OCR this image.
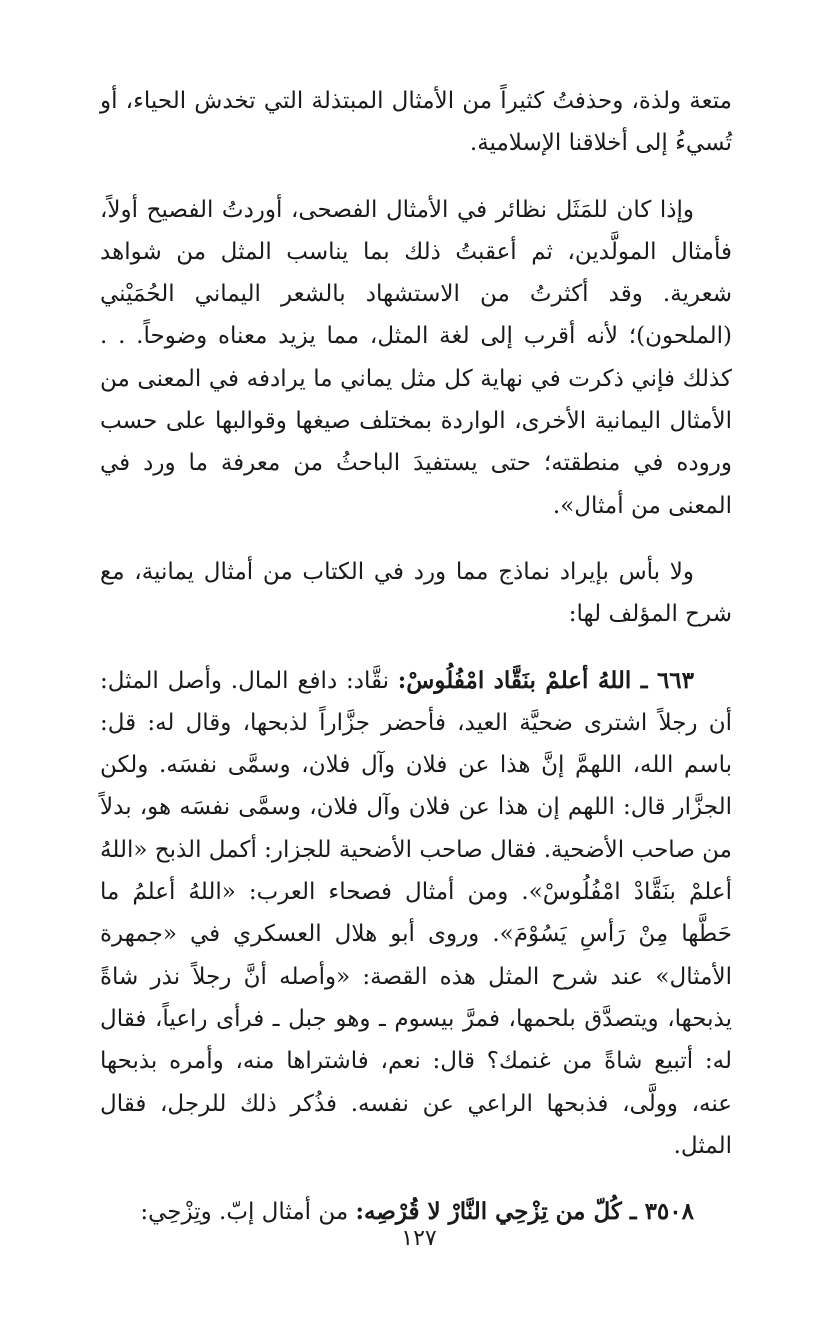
متعة ولذة، وحذفتُ كثيراً من الأمثال المبتذلة التي تخدش الحياء، أو تُسيءُ إلى أخلاقنا الإسلامية.

وإذا كان للمَثَل نظائر في الأمثال الفصحى، أوردتُ الفصيح أولاً، فأمثال المولَّدين، ثم أعقبتُ ذلك بما يناسب المثل من شواهد شعرية. وقد أكثرتُ من الاستشهاد بالشعر اليماني الحُمَيْني (الملحون)؛ لأنه أقرب إلى لغة المثل، مما يزيد معناه وضوحاً. . . كذلك فإني ذكرت في نهاية كل مثل يماني ما يرادفه في المعنى من الأمثال اليمانية الأخرى، الواردة بمختلف صيغها وقوالبها على حسب وروده في منطقته؛ حتى يستفيدَ الباحثُ من معرفة ما ورد في المعنى من أمثال».

ولا بأس بإيراد نماذج مما ورد في الكتاب من أمثال يمانية، مع شرح المؤلف لها:

٦٦٣ ـ اللهُ أعلمْ بنَقَّاد امْفُلُوسْ: نقَّاد: دافع المال. وأصل المثل: أن رجلاً اشترى ضحيَّة العيد، فأحضر جزَّاراً لذبحها، وقال له: قل: باسم الله، اللهمَّ إنَّ هذا عن فلان وآل فلان، وسمَّى نفسَه. ولكن الجزَّار قال: اللهم إن هذا عن فلان وآل فلان، وسمَّى نفسَه هو، بدلاً من صاحب الأضحية. فقال صاحب الأضحية للجزار: أكمل الذبح «اللهُ أعلمْ بنَقَّادْ امْفُلُوسْ». ومن أمثال فصحاء العرب: «اللهُ أعلمُ ما حَطَّها مِنْ رَأسِ يَسُوْمَ». وروى أبو هلال العسكري في «جمهرة الأمثال» عند شرح المثل هذه القصة: «وأصله أنَّ رجلاً نذر شاةً يذبحها، ويتصدَّق بلحمها، فمرَّ بيسوم ـ وهو جبل ـ فرأى راعياً، فقال له: أتبيع شاةً من غنمك؟ قال: نعم، فاشتراها منه، وأمره بذبحها عنه، وولَّى، فذبحها الراعي عن نفسه. فذُكر ذلك للرجل، فقال المثل.

٣٥٠٨ ـ كُلّ من تِزْحِي النَّارْ لا قُرْصِه: من أمثال إبّ. وتِزْحِي:

١٢٧
